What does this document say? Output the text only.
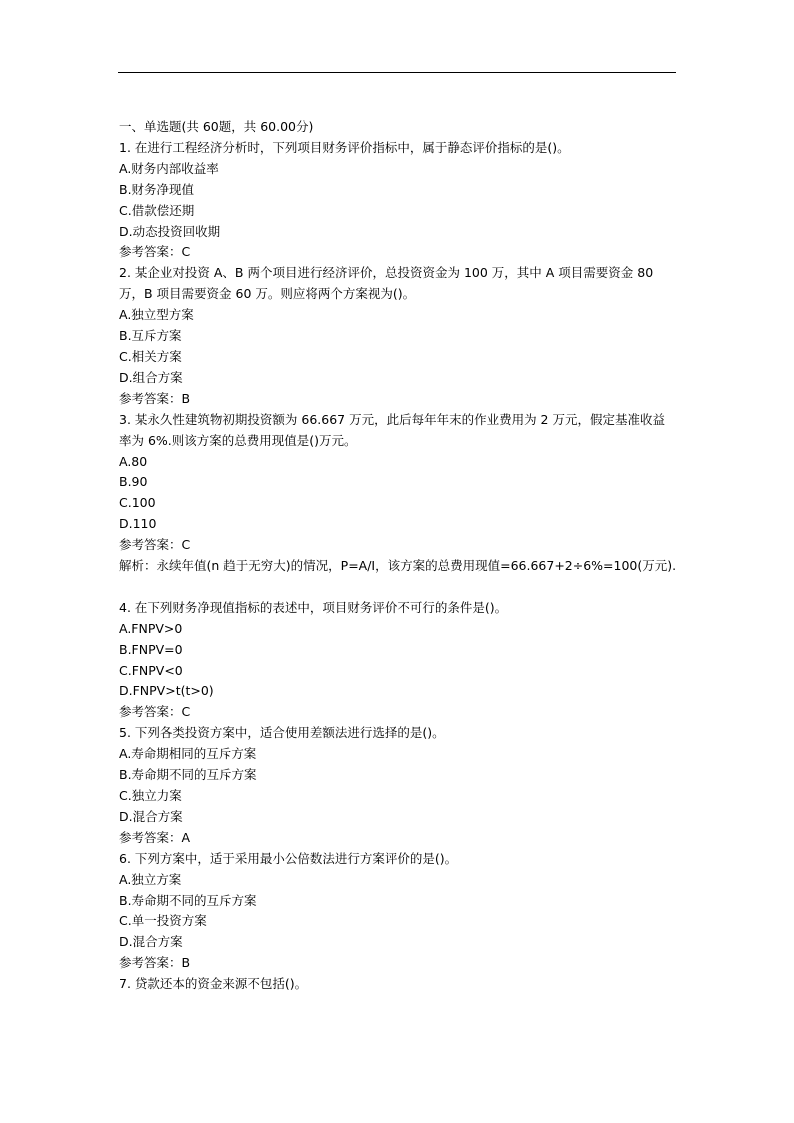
一、单选题(共 60题，共 60.00分)
1. 在进行工程经济分析时，下列项目财务评价指标中，属于静态评价指标的是()。
A.财务内部收益率
B.财务净现值
C.借款偿还期
D.动态投资回收期
参考答案：C
2. 某企业对投资 A、B 两个项目进行经济评价，总投资资金为 100 万，其中 A 项目需要资金 80 万，B 项目需要资金 60 万。则应将两个方案视为()。
A.独立型方案
B.互斥方案
C.相关方案
D.组合方案
参考答案：B
3. 某永久性建筑物初期投资额为 66.667 万元，此后每年年末的作业费用为 2 万元，假定基准收益率为 6%.则该方案的总费用现值是()万元。
A.80
B.90
C.100
D.110
参考答案：C
解析：永续年值(n 趋于无穷大)的情况，P=A/I，该方案的总费用现值=66.667+2÷6%=100(万元).
4. 在下列财务净现值指标的表述中，项目财务评价不可行的条件是()。
A.FNPV>0
B.FNPV=0
C.FNPV<0
D.FNPV>t(t>0)
参考答案：C
5. 下列各类投资方案中，适合使用差额法进行选择的是()。
A.寿命期相同的互斥方案
B.寿命期不同的互斥方案
C.独立力案
D.混合方案
参考答案：A
6. 下列方案中，适于采用最小公倍数法进行方案评价的是()。
A.独立方案
B.寿命期不同的互斥方案
C.单一投资方案
D.混合方案
参考答案：B
7. 贷款还本的资金来源不包括()。
